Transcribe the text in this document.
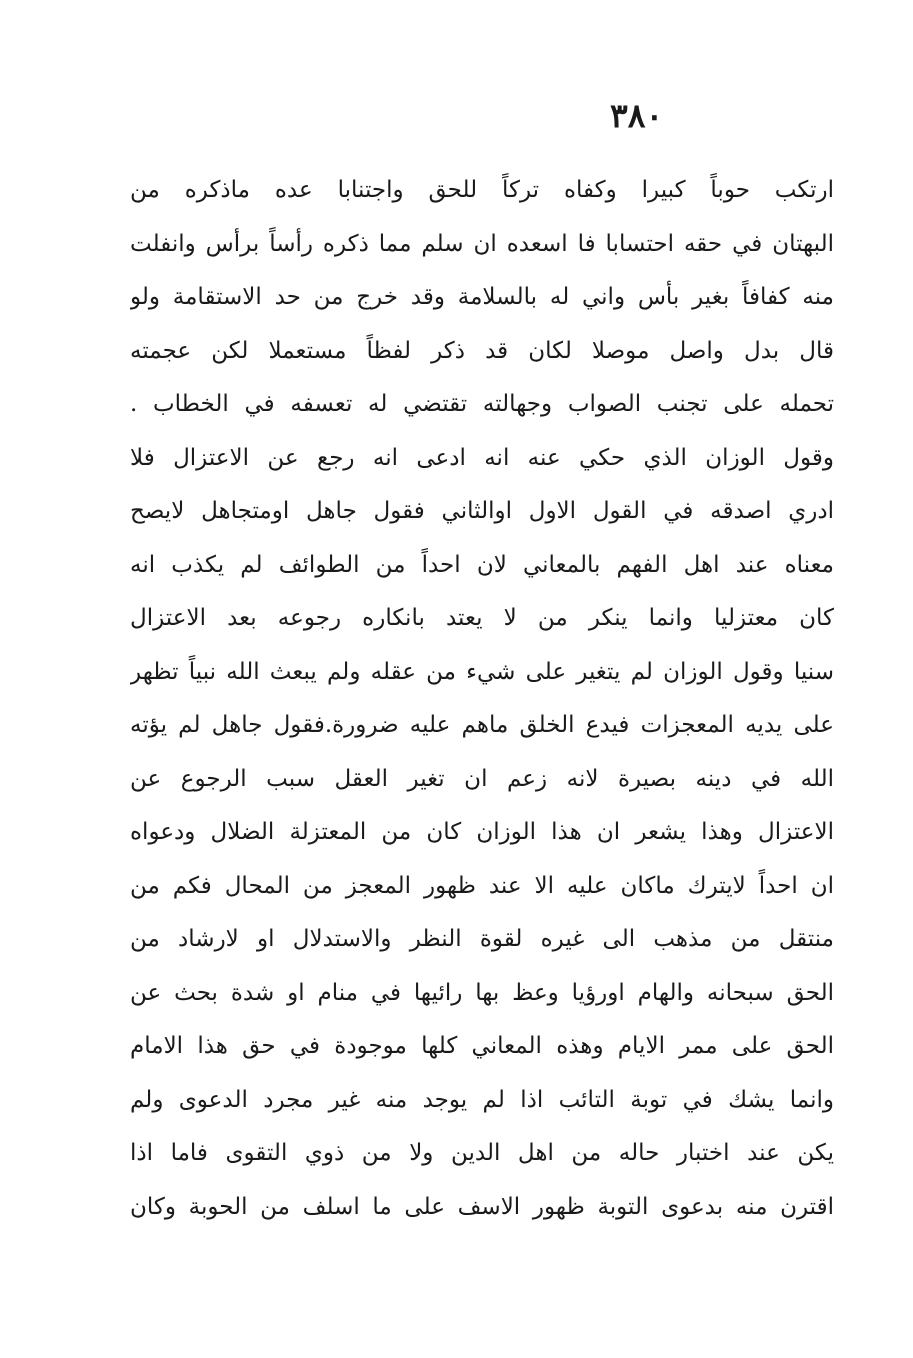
٣٨٠
ارتكب حوباً كبيرا وكفاه تركاً للحق واجتنابا عده ماذكره من
البهتان في حقه احتسابا فا اسعده ان سلم مما ذكره رأساً برأس وانفلت
منه كفافاً بغير بأس واني له بالسلامة وقد خرج من حد الاستقامة ولو
قال بدل واصل موصلا لكان قد ذكر لفظاً مستعملا لكن عجمته
تحمله على تجنب الصواب وجهالته تقتضي له تعسفه في الخطاب .
وقول الوزان الذي حكي عنه انه ادعى انه رجع عن الاعتزال فلا
ادري اصدقه في القول الاول اوالثاني فقول جاهل اومتجاهل لايصح
معناه عند اهل الفهم بالمعاني لان احداً من الطوائف لم يكذب انه
كان معتزليا وانما ينكر من لا يعتد بانكاره رجوعه بعد الاعتزال
سنيا وقول الوزان لم يتغير على شيء من عقله ولم يبعث الله نبياً تظهر
على يديه المعجزات فيدع الخلق ماهم عليه ضرورة.فقول جاهل لم يؤته
الله في دينه بصيرة لانه زعم ان تغير العقل سبب الرجوع عن
الاعتزال وهذا يشعر ان هذا الوزان كان من المعتزلة الضلال ودعواه
ان احداً لايترك ماكان عليه الا عند ظهور المعجز من المحال فكم من
منتقل من مذهب الى غيره لقوة النظر والاستدلال او لارشاد من
الحق سبحانه والهام اورؤيا وعظ بها رائيها في منام او شدة بحث عن
الحق على ممر الايام وهذه المعاني كلها موجودة في حق هذا الامام
وانما يشك في توبة التائب اذا لم يوجد منه غير مجرد الدعوى ولم
يكن عند اختبار حاله من اهل الدين ولا من ذوي التقوى فاما اذا
اقترن منه بدعوى التوبة ظهور الاسف على ما اسلف من الحوبة وكان
